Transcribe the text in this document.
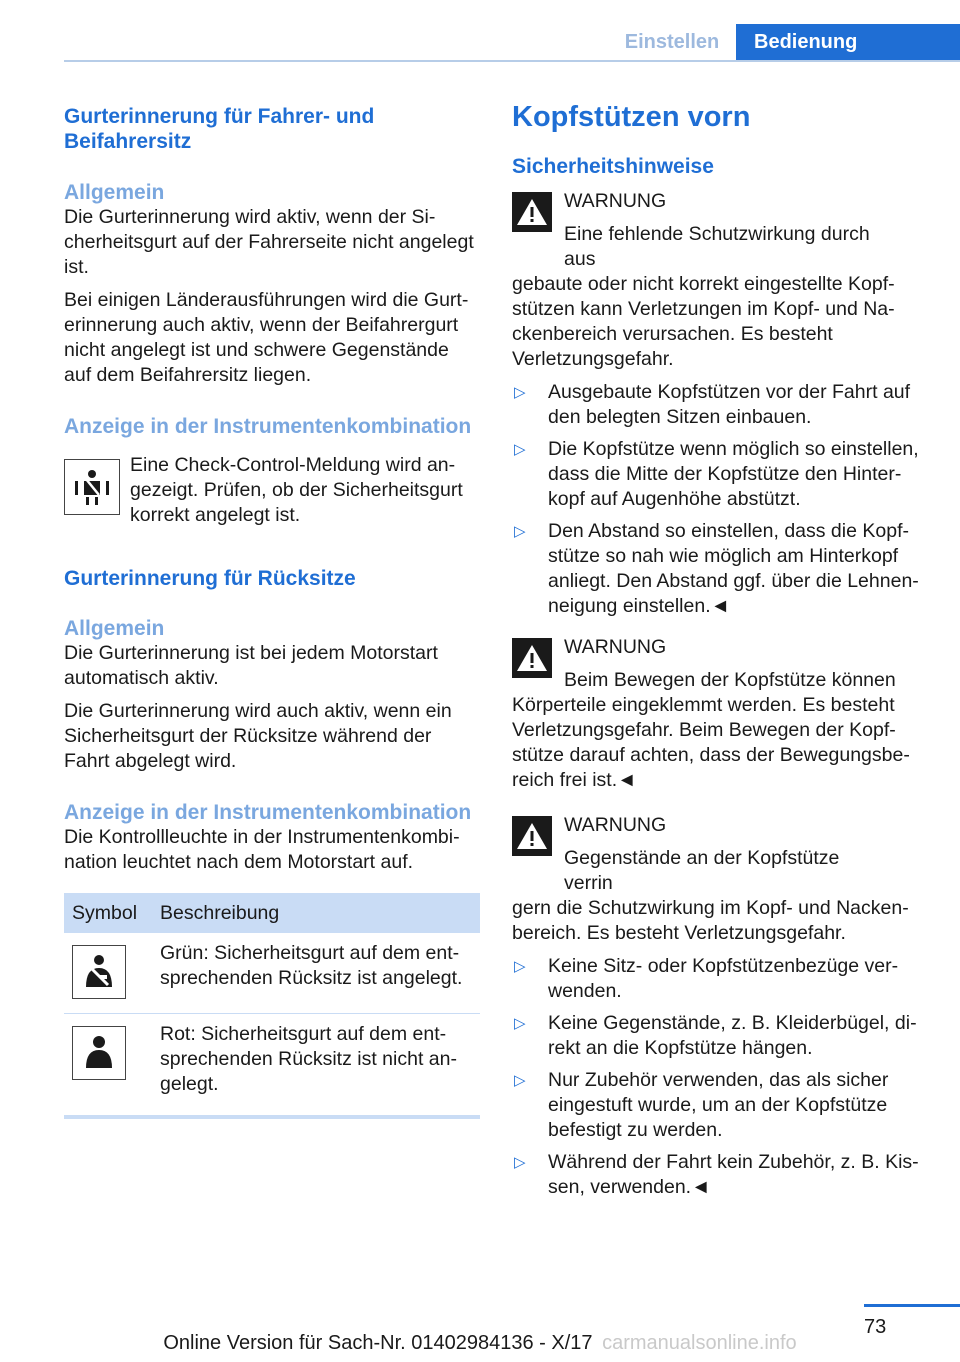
Einstellen	Bedienung
Gurterinnerung für Fahrer- und Beifahrersitz
Allgemein

Die Gurterinnerung wird aktiv, wenn der Sicherheitsgurt auf der Fahrerseite nicht angelegt ist.

Bei einigen Länderausführungen wird die Gurterinnerung auch aktiv, wenn der Beifahrergurt nicht angelegt ist und schwere Gegenstände auf dem Beifahrersitz liegen.

Anzeige in der Instrumentenkombination

Eine Check-Control-Meldung wird angezeigt. Prüfen, ob der Sicherheitsgurt korrekt angelegt ist.

Gurterinnerung für Rücksitze
Allgemein

Die Gurterinnerung ist bei jedem Motorstart automatisch aktiv.

Die Gurterinnerung wird auch aktiv, wenn ein Sicherheitsgurt der Rücksitze während der Fahrt abgelegt wird.

Anzeige in der Instrumentenkombination

Die Kontrollleuchte in der Instrumentenkombination leuchtet nach dem Motorstart auf.

Symbol	Beschreibung

	Grün: Sicherheitsgurt auf dem entsprechenden Rücksitz ist angelegt.

	Rot: Sicherheitsgurt auf dem entsprechenden Rücksitz ist nicht angelegt.
Kopfstützen vorn
Sicherheitshinweise

WARNUNG

Eine fehlende Schutzwirkung durch aus

gebaute oder nicht korrekt eingestellte Kopfstützen kann Verletzungen im Kopf- und Nackenbereich verursachen. Es besteht Verletzungsgefahr.

▷	Ausgebaute Kopfstützen vor der Fahrt auf den belegten Sitzen einbauen.

▷	Die Kopfstütze wenn möglich so einstellen, dass die Mitte der Kopfstütze den Hinterkopf auf Augenhöhe abstützt.

▷	Den Abstand so einstellen, dass die Kopfstütze so nah wie möglich am Hinterkopf anliegt. Den Abstand ggf. über die Lehnenneigung einstellen.◄

WARNUNG

Beim Bewegen der Kopfstütze können

Körperteile eingeklemmt werden. Es besteht Verletzungsgefahr. Beim Bewegen der Kopfstütze darauf achten, dass der Bewegungsbereich frei ist.◄

WARNUNG

Gegenstände an der Kopfstütze verrin

gern die Schutzwirkung im Kopf- und Nackenbereich. Es besteht Verletzungsgefahr.

▷	Keine Sitz- oder Kopfstützenbezüge verwenden.

▷	Keine Gegenstände, z. B. Kleiderbügel, direkt an die Kopfstütze hängen.

▷	Nur Zubehör verwenden, das als sicher eingestuft wurde, um an der Kopfstütze befestigt zu werden.

▷	Während der Fahrt kein Zubehör, z. B. Kissen, verwenden.◄

73
Online Version für Sach-Nr. 01402984136 - X/17 carmanualsonline.info
